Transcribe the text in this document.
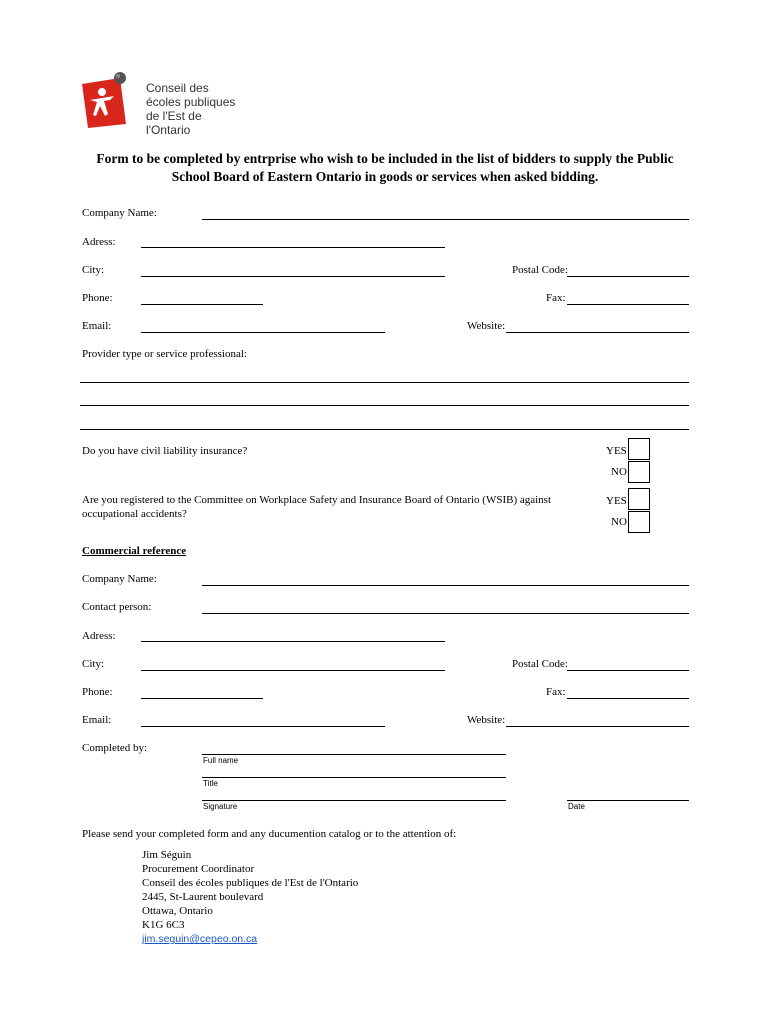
Conseil des
écoles publiques
de l'Est de l'Ontario
Form to be completed by entrprise who wish to be included in the list of bidders to supply the Public
School Board of Eastern Ontario in goods or services when asked bidding.
Company Name:
Adress:
City:	Postal Code:
Phone:	Fax:
Email:	Website:
Provider type or service professional:
Do you have civil liability insurance?	YES
NO
Are you registered to the Committee on Workplace Safety and Insurance Board of Ontario (WSIB) against
occupational accidents?
YES
NO
Commercial reference
Company Name:
Contact person:
Adress:
City:	Postal Code:
Phone:	Fax:
Email:	Website:
Completed by:
Full name
Title
Signature	Date
Please send your completed form and any ducumention catalog or to the attention of:
Jim Séguin
Procurement Coordinator
Conseil des écoles publiques de l'Est de l'Ontario
2445, St-Laurent boulevard
Ottawa, Ontario
K1G 6C3
jim.seguin@cepeo.on.ca
